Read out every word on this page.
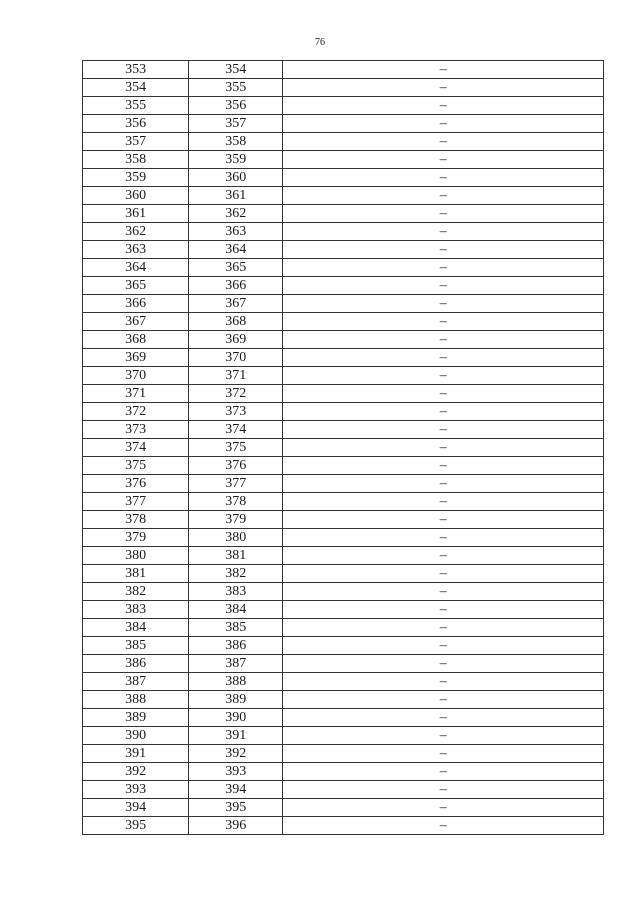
76
353	354	–
354	355	–
355	356	–
356	357	–
357	358	–
358	359	–
359	360	–
360	361	–
361	362	–
362	363	–
363	364	–
364	365	–
365	366	–
366	367	–
367	368	–
368	369	–
369	370	–
370	371	–
371	372	–
372	373	–
373	374	–
374	375	–
375	376	–
376	377	–
377	378	–
378	379	–
379	380	–
380	381	–
381	382	–
382	383	–
383	384	–
384	385	–
385	386	–
386	387	–
387	388	–
388	389	–
389	390	–
390	391	–
391	392	–
392	393	–
393	394	–
394	395	–
395	396	–
